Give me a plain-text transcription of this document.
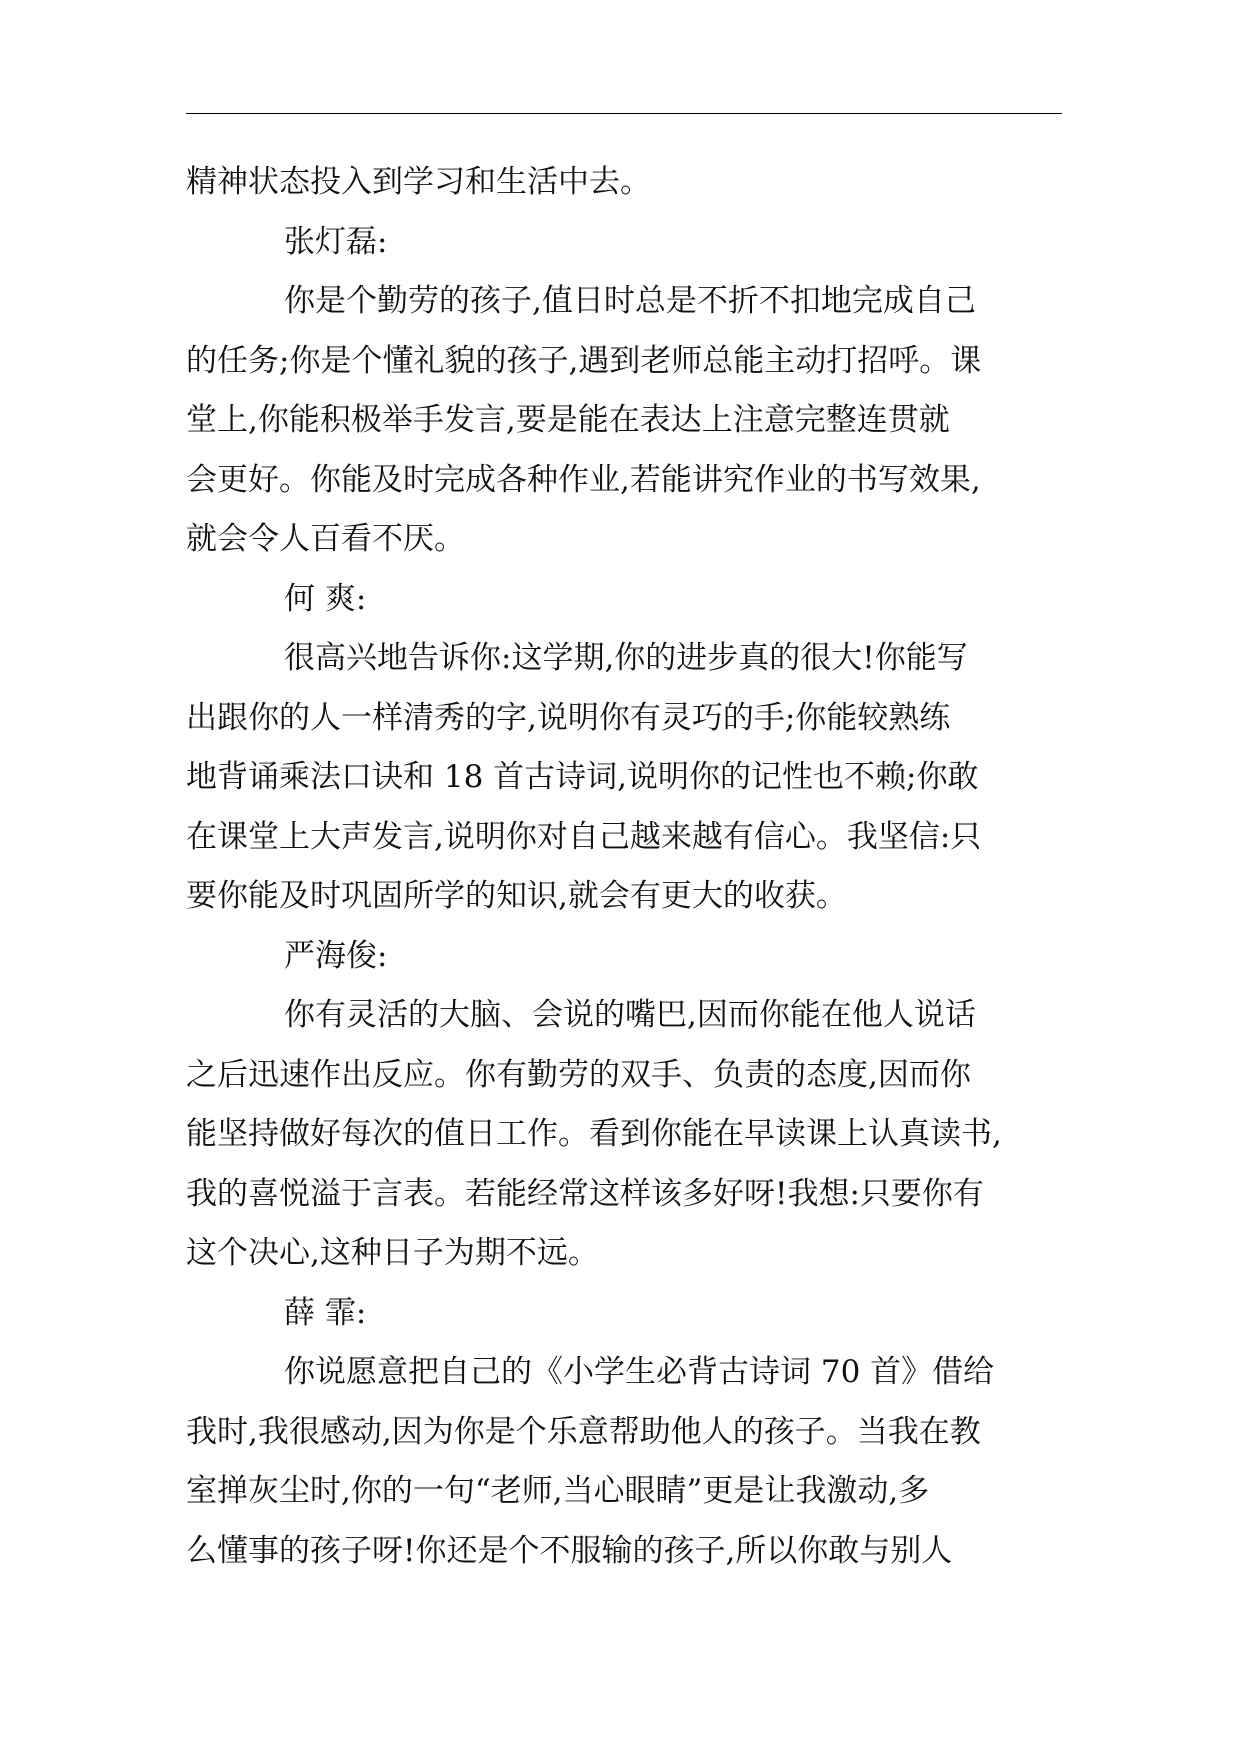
精神状态投入到学习和生活中去。
张灯磊:
你是个勤劳的孩子,值日时总是不折不扣地完成自己
的任务;你是个懂礼貌的孩子,遇到老师总能主动打招呼。课
堂上,你能积极举手发言,要是能在表达上注意完整连贯就
会更好。你能及时完成各种作业,若能讲究作业的书写效果,
就会令人百看不厌。
何 爽:
很高兴地告诉你:这学期,你的进步真的很大!你能写
出跟你的人一样清秀的字,说明你有灵巧的手;你能较熟练
地背诵乘法口诀和 18 首古诗词,说明你的记性也不赖;你敢
在课堂上大声发言,说明你对自己越来越有信心。我坚信:只
要你能及时巩固所学的知识,就会有更大的收获。
严海俊:
你有灵活的大脑、会说的嘴巴,因而你能在他人说话
之后迅速作出反应。你有勤劳的双手、负责的态度,因而你
能坚持做好每次的值日工作。看到你能在早读课上认真读书,
我的喜悦溢于言表。若能经常这样该多好呀!我想:只要你有
这个决心,这种日子为期不远。
薛 霏:
你说愿意把自己的《小学生必背古诗词 70 首》借给
我时,我很感动,因为你是个乐意帮助他人的孩子。当我在教
室掸灰尘时,你的一句“老师,当心眼睛”更是让我激动,多
么懂事的孩子呀!你还是个不服输的孩子,所以你敢与别人
